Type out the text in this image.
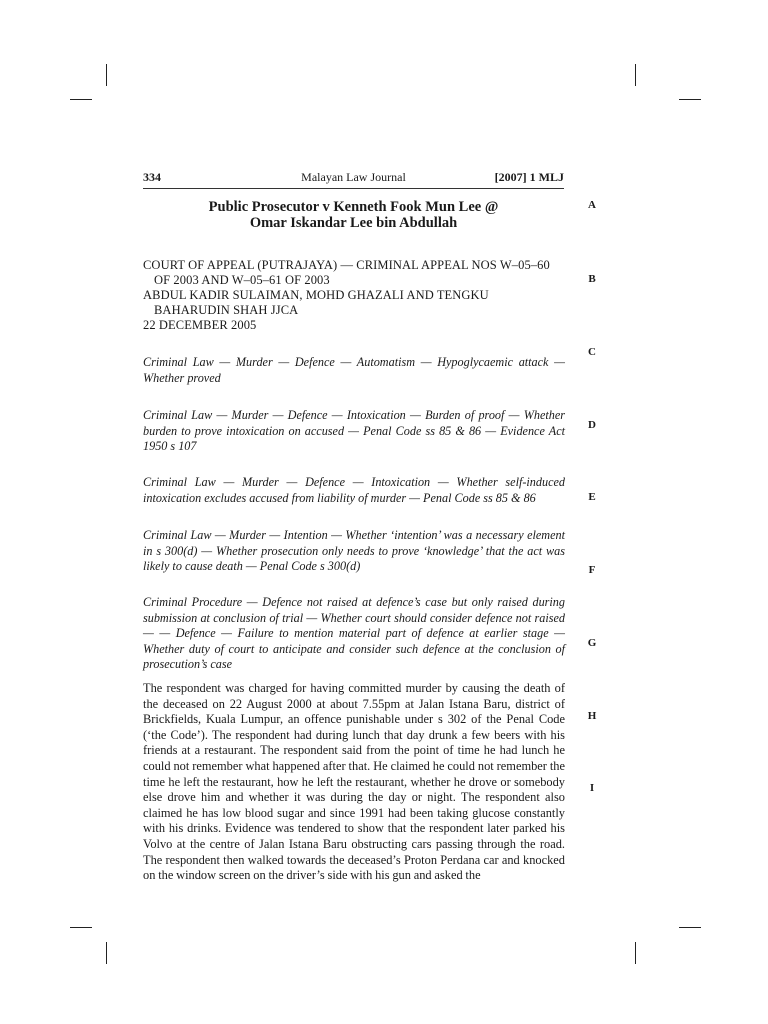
334	Malayan Law Journal	[2007] 1 MLJ
Public Prosecutor v Kenneth Fook Mun Lee @
Omar Iskandar Lee bin Abdullah
COURT OF APPEAL (PUTRAJAYA) — CRIMINAL APPEAL NOS W–05–60
OF 2003 AND W–05–61 OF 2003
ABDUL KADIR SULAIMAN, MOHD GHAZALI AND TENGKU
BAHARUDIN SHAH JJCA
22 DECEMBER 2005
Criminal Law — Murder — Defence — Automatism — Hypoglycaemic attack — Whether proved
Criminal Law — Murder — Defence — Intoxication — Burden of proof — Whether burden to prove intoxication on accused — Penal Code ss 85 & 86 — Evidence Act 1950 s 107
Criminal Law — Murder — Defence — Intoxication — Whether self-induced intoxication excludes accused from liability of murder — Penal Code ss 85 & 86
Criminal Law — Murder — Intention — Whether ‘intention’ was a necessary element in s 300(d) — Whether prosecution only needs to prove ‘knowledge’ that the act was likely to cause death — Penal Code s 300(d)
Criminal Procedure — Defence not raised at defence’s case but only raised during submission at conclusion of trial — Whether court should consider defence not raised — — Defence — Failure to mention material part of defence at earlier stage — Whether duty of court to anticipate and consider such defence at the conclusion of prosecution’s case
The respondent was charged for having committed murder by causing the death of the deceased on 22 August 2000 at about 7.55pm at Jalan Istana Baru, district of Brickfields, Kuala Lumpur, an offence punishable under s 302 of the Penal Code (‘the Code’). The respondent had during lunch that day drunk a few beers with his friends at a restaurant. The respondent said from the point of time he had lunch he could not remember what happened after that. He claimed he could not remember the time he left the restaurant, how he left the restaurant, whether he drove or somebody else drove him and whether it was during the day or night. The respondent also claimed he has low blood sugar and since 1991 had been taking glucose constantly with his drinks. Evidence was tendered to show that the respondent later parked his Volvo at the centre of Jalan Istana Baru obstructing cars passing through the road. The respondent then walked towards the deceased’s Proton Perdana car and knocked on the window screen on the driver’s side with his gun and asked the
A
B
C
D
E
F
G
H
I
